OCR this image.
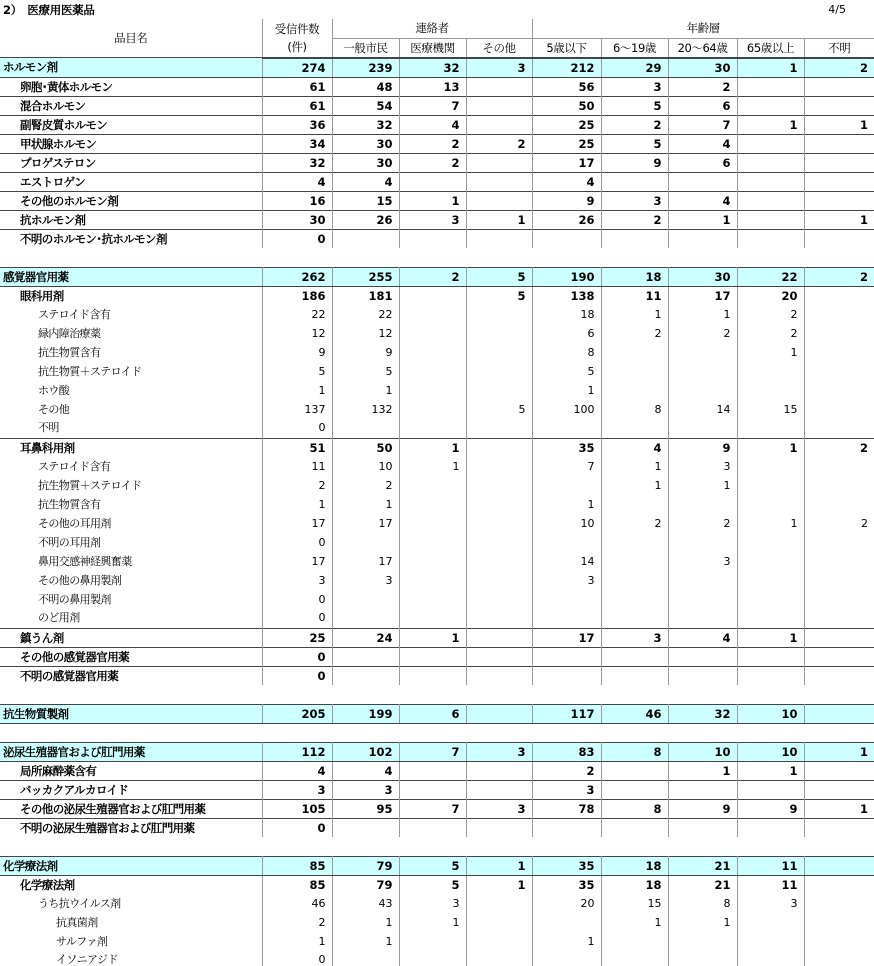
2）　医療用医薬品	4/5
品目名	受信件数	連絡者			年齢層				
	(件)	一般市民	医療機関	その他	5歳以下	6～19歳	20～64歳	65歳以上	不明
ホルモン剤	274	239	32	3	212	29	30	1	2
卵胞･黄体ホルモン	61	48	13		56	3	2		
混合ホルモン	61	54	7		50	5	6		
副腎皮質ホルモン	36	32	4		25	2	7	1	1
甲状腺ホルモン	34	30	2	2	25	5	4		
プロゲステロン	32	30	2		17	9	6		
エストロゲン	4	4			4				
その他のホルモン剤	16	15	1		9	3	4		
抗ホルモン剤	30	26	3	1	26	2	1		1
不明のホルモン･抗ホルモン剤	0								

感覚器官用薬	262	255	2	5	190	18	30	22	2
眼科用剤	186	181		5	138	11	17	20	
ステロイド含有	22	22			18	1	1	2	
緑内障治療薬	12	12			6	2	2	2	
抗生物質含有	9	9			8			1	
抗生物質＋ステロイド	5	5			5				
ホウ酸	1	1			1				
その他	137	132		5	100	8	14	15	
不明	0								
耳鼻科用剤	51	50	1		35	4	9	1	2
ステロイド含有	11	10	1		7	1	3		
抗生物質＋ステロイド	2	2				1	1		
抗生物質含有	1	1			1				
その他の耳用剤	17	17			10	2	2	1	2
不明の耳用剤	0								
鼻用交感神経興奮薬	17	17			14		3		
その他の鼻用製剤	3	3			3				
不明の鼻用製剤	0								
のど用剤	0								
鎮うん剤	25	24	1		17	3	4	1	
その他の感覚器官用薬	0								
不明の感覚器官用薬	0								

抗生物質製剤	205	199	6		117	46	32	10	

泌尿生殖器官および肛門用薬	112	102	7	3	83	8	10	10	1
局所麻酔薬含有	4	4			2		1	1	
バッカクアルカロイド	3	3			3				
その他の泌尿生殖器官および肛門用薬	105	95	7	3	78	8	9	9	1
不明の泌尿生殖器官および肛門用薬	0								

化学療法剤	85	79	5	1	35	18	21	11	
化学療法剤	85	79	5	1	35	18	21	11	
うち抗ウイルス剤	46	43	3		20	15	8	3	
抗真菌剤	2	1	1			1	1		
サルファ剤	1	1			1				
イソニアジド	0								
